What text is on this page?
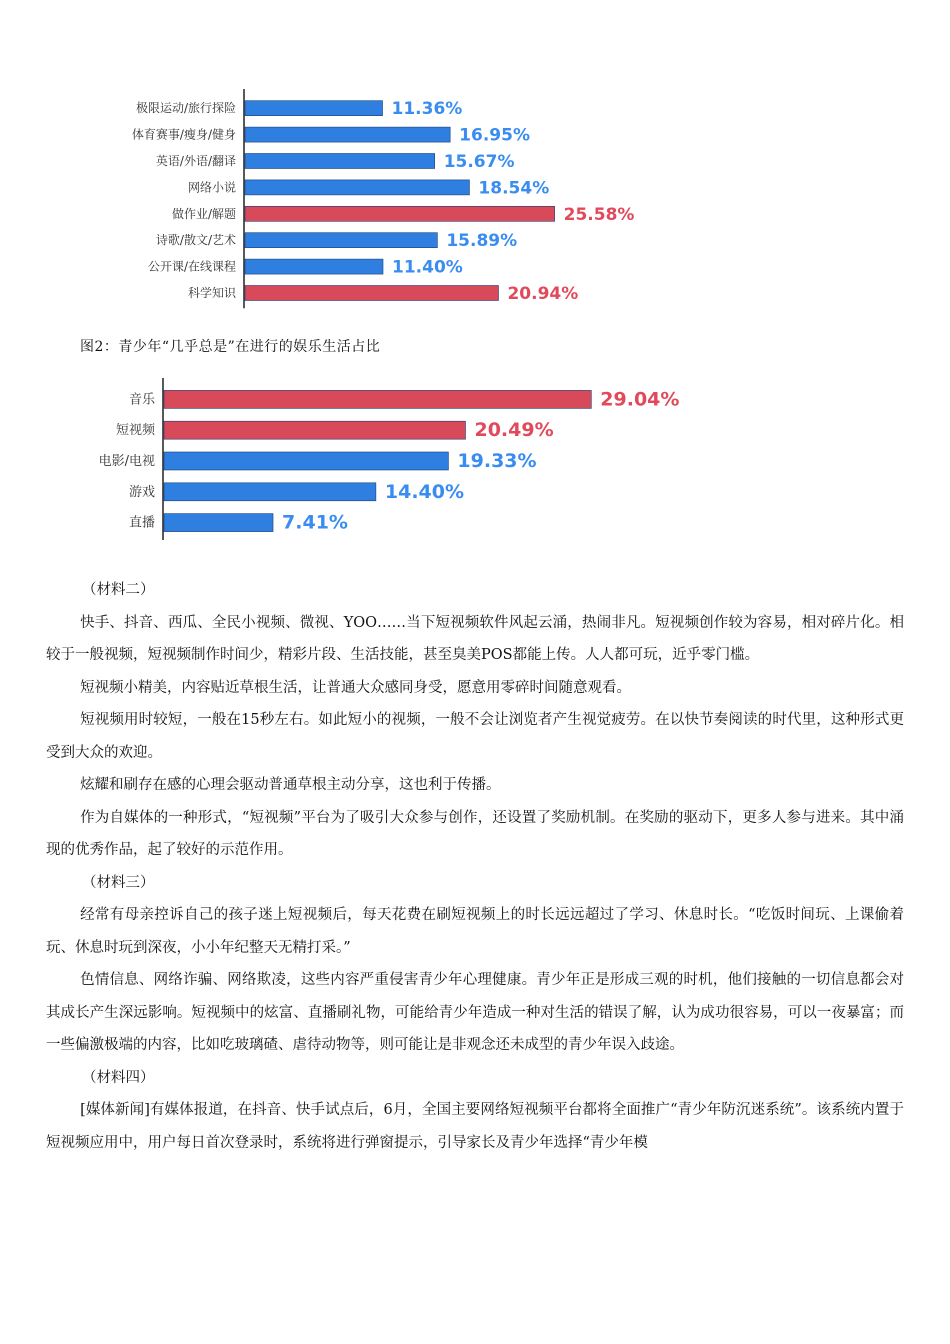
极限运动/旅行探险	11.36%
体育赛事/瘦身/健身	16.95%
英语/外语/翻译	15.67%
网络小说	18.54%
做作业/解题	25.58%
诗歌/散文/艺术	15.89%
公开课/在线课程	11.40%
科学知识	20.94%
图2：青少年“几乎总是”在进行的娱乐生活占比
音乐	29.04%
短视频	20.49%
电影/电视	19.33%
游戏	14.40%
直播	7.41%

（材料二）

快手、抖音、西瓜、全民小视频、微视、YOO……当下短视频软件风起云涌，热闹非凡。短视频创作较为容易，相对碎片化。相较于一般视频，短视频制作时间少，精彩片段、生活技能，甚至臭美POS都能上传。人人都可玩，近乎零门槛。

短视频小精美，内容贴近草根生活，让普通大众感同身受，愿意用零碎时间随意观看。

短视频用时较短，一般在15秒左右。如此短小的视频，一般不会让浏览者产生视觉疲劳。在以快节奏阅读的时代里，这种形式更受到大众的欢迎。

炫耀和刷存在感的心理会驱动普通草根主动分享，这也利于传播。

作为自媒体的一种形式，“短视频”平台为了吸引大众参与创作，还设置了奖励机制。在奖励的驱动下，更多人参与进来。其中涌现的优秀作品，起了较好的示范作用。

（材料三）

经常有母亲控诉自己的孩子迷上短视频后，每天花费在刷短视频上的时长远远超过了学习、休息时长。“吃饭时间玩、上课偷着玩、休息时玩到深夜，小小年纪整天无精打采。”

色情信息、网络诈骗、网络欺凌，这些内容严重侵害青少年心理健康。青少年正是形成三观的时机，他们接触的一切信息都会对其成长产生深远影响。短视频中的炫富、直播刷礼物，可能给青少年造成一种对生活的错误了解，认为成功很容易，可以一夜暴富；而一些偏激极端的内容，比如吃玻璃碴、虐待动物等，则可能让是非观念还未成型的青少年误入歧途。

（材料四）

[媒体新闻]有媒体报道，在抖音、快手试点后，6月，全国主要网络短视频平台都将全面推广“青少年防沉迷系统”。该系统内置于短视频应用中，用户每日首次登录时，系统将进行弹窗提示，引导家长及青少年选择“青少年模
